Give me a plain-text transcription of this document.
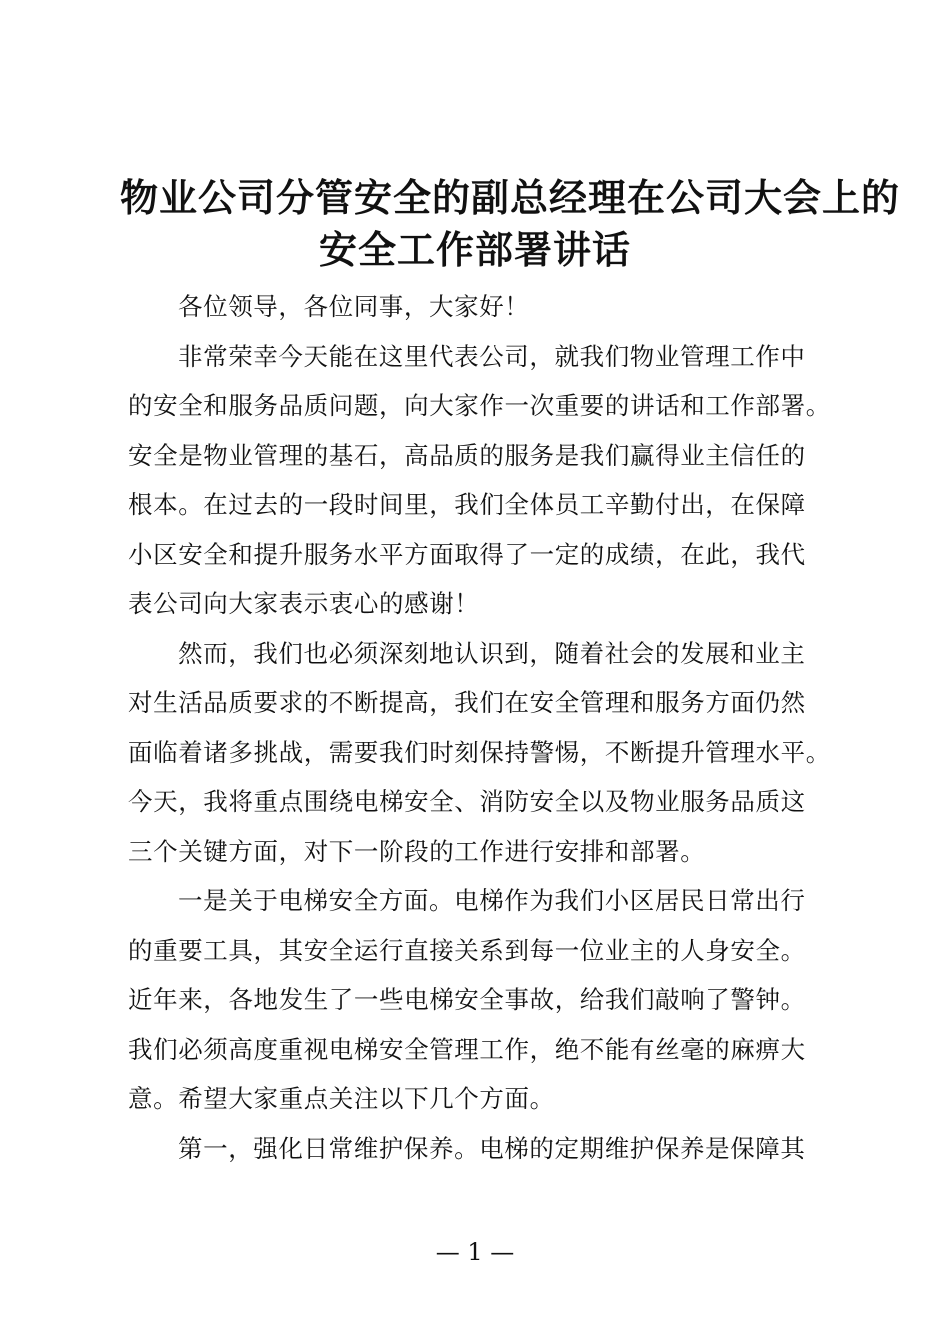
物业公司分管安全的副总经理在公司大会上的
安全工作部署讲话
各位领导，各位同事，大家好！
非常荣幸今天能在这里代表公司，就我们物业管理工作中
的安全和服务品质问题，向大家作一次重要的讲话和工作部署。
安全是物业管理的基石，高品质的服务是我们赢得业主信任的
根本。在过去的一段时间里，我们全体员工辛勤付出，在保障
小区安全和提升服务水平方面取得了一定的成绩，在此，我代
表公司向大家表示衷心的感谢！
然而，我们也必须深刻地认识到，随着社会的发展和业主
对生活品质要求的不断提高，我们在安全管理和服务方面仍然
面临着诸多挑战，需要我们时刻保持警惕，不断提升管理水平。
今天，我将重点围绕电梯安全、消防安全以及物业服务品质这
三个关键方面，对下一阶段的工作进行安排和部署。
一是关于电梯安全方面。电梯作为我们小区居民日常出行
的重要工具，其安全运行直接关系到每一位业主的人身安全。
近年来，各地发生了一些电梯安全事故，给我们敲响了警钟。
我们必须高度重视电梯安全管理工作，绝不能有丝毫的麻痹大
意。希望大家重点关注以下几个方面。
第一，强化日常维护保养。电梯的定期维护保养是保障其
— 1 —
